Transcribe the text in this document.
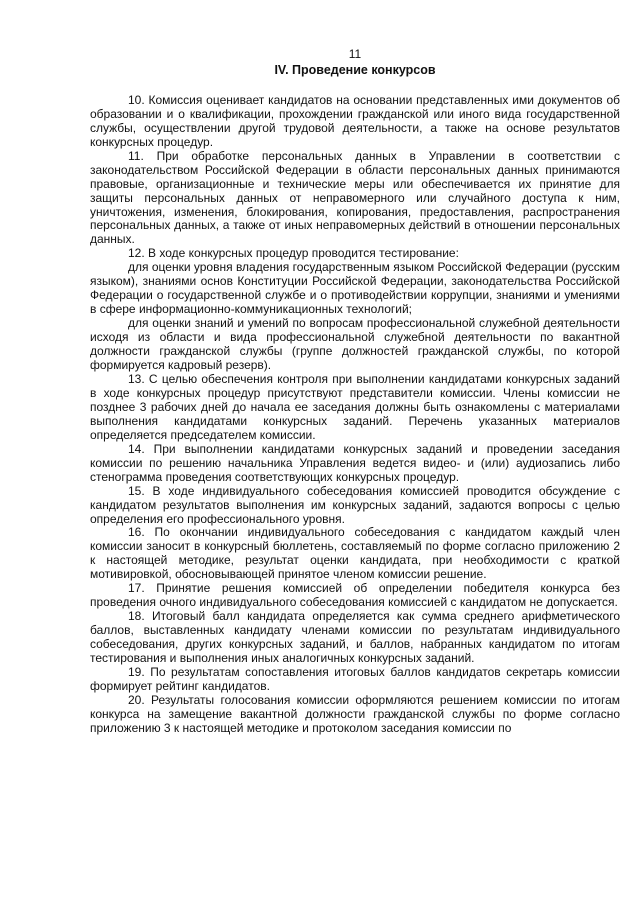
11
IV. Проведение конкурсов

10. Комиссия оценивает кандидатов на основании представленных ими документов об образовании и о квалификации, прохождении гражданской или иного вида государственной службы, осуществлении другой трудовой деятельности, а также на основе результатов конкурсных процедур.

11. При обработке персональных данных в Управлении в соответствии с законодательством Российской Федерации в области персональных данных принимаются правовые, организационные и технические меры или обеспечивается их принятие для защиты персональных данных от неправомерного или случайного доступа к ним, уничтожения, изменения, блокирования, копирования, предоставления, распространения персональных данных, а также от иных неправомерных действий в отношении персональных данных.

12. В ходе конкурсных процедур проводится тестирование:

для оценки уровня владения государственным языком Российской Федерации (русским языком), знаниями основ Конституции Российской Федерации, законодательства Российской Федерации о государственной службе и о противодействии коррупции, знаниями и умениями в сфере информационно-коммуникационных технологий;

для оценки знаний и умений по вопросам профессиональной служебной деятельности исходя из области и вида профессиональной служебной деятельности по вакантной должности гражданской службы (группе должностей гражданской службы, по которой формируется кадровый резерв).

13. С целью обеспечения контроля при выполнении кандидатами конкурсных заданий в ходе конкурсных процедур присутствуют представители комиссии. Члены комиссии не позднее 3 рабочих дней до начала ее заседания должны быть ознакомлены с материалами выполнения кандидатами конкурсных заданий. Перечень указанных материалов определяется председателем комиссии.

14. При выполнении кандидатами конкурсных заданий и проведении заседания комиссии по решению начальника Управления ведется видео- и (или) аудиозапись либо стенограмма проведения соответствующих конкурсных процедур.

15. В ходе индивидуального собеседования комиссией проводится обсуждение с кандидатом результатов выполнения им конкурсных заданий, задаются вопросы с целью определения его профессионального уровня.

16. По окончании индивидуального собеседования с кандидатом каждый член комиссии заносит в конкурсный бюллетень, составляемый по форме согласно приложению 2 к настоящей методике, результат оценки кандидата, при необходимости с краткой мотивировкой, обосновывающей принятое членом комиссии решение.

17. Принятие решения комиссией об определении победителя конкурса без проведения очного индивидуального собеседования комиссией с кандидатом не допускается.

18. Итоговый балл кандидата определяется как сумма среднего арифметического баллов, выставленных кандидату членами комиссии по результатам индивидуального собеседования, других конкурсных заданий, и баллов, набранных кандидатом по итогам тестирования и выполнения иных аналогичных конкурсных заданий.

19. По результатам сопоставления итоговых баллов кандидатов секретарь комиссии формирует рейтинг кандидатов.

20. Результаты голосования комиссии оформляются решением комиссии по итогам конкурса на замещение вакантной должности гражданской службы по форме согласно приложению 3 к настоящей методике и протоколом заседания комиссии по
